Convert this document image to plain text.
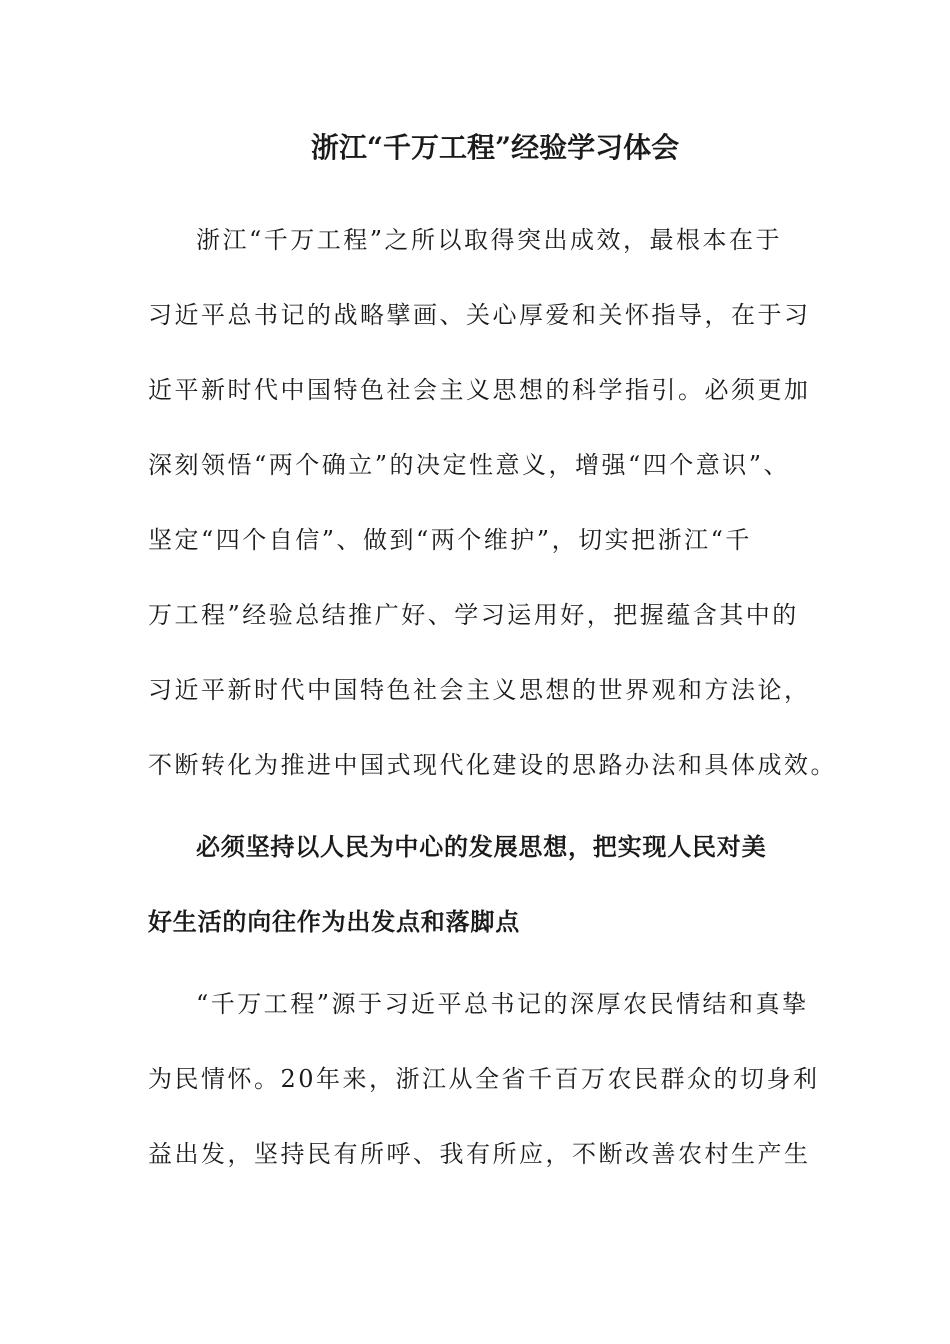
浙江“千万工程”经验学习体会
浙江“千万工程”之所以取得突出成效，最根本在于
习近平总书记的战略擘画、关心厚爱和关怀指导，在于习
近平新时代中国特色社会主义思想的科学指引。必须更加
深刻领悟“两个确立”的决定性意义，增强“四个意识”、
坚定“四个自信”、做到“两个维护”，切实把浙江“千
万工程”经验总结推广好、学习运用好，把握蕴含其中的
习近平新时代中国特色社会主义思想的世界观和方法论，
不断转化为推进中国式现代化建设的思路办法和具体成效。
必须坚持以人民为中心的发展思想，把实现人民对美
好生活的向往作为出发点和落脚点
“千万工程”源于习近平总书记的深厚农民情结和真挚
为民情怀。20年来，浙江从全省千百万农民群众的切身利
益出发，坚持民有所呼、我有所应，不断改善农村生产生
